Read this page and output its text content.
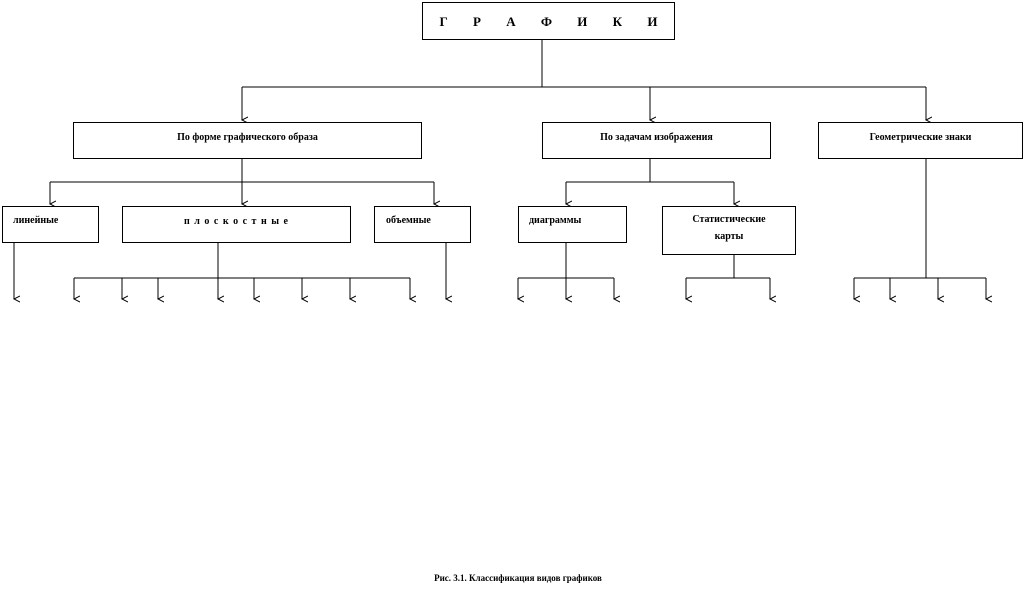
Г Р А Ф И К И
По форме графического образа	По задачам изображения	Геометрические знаки
линейные	п л о с к о с т н ы е	объемные	диаграммы	Статистические
карты
Рис. 3.1. Классификация видов графиков
